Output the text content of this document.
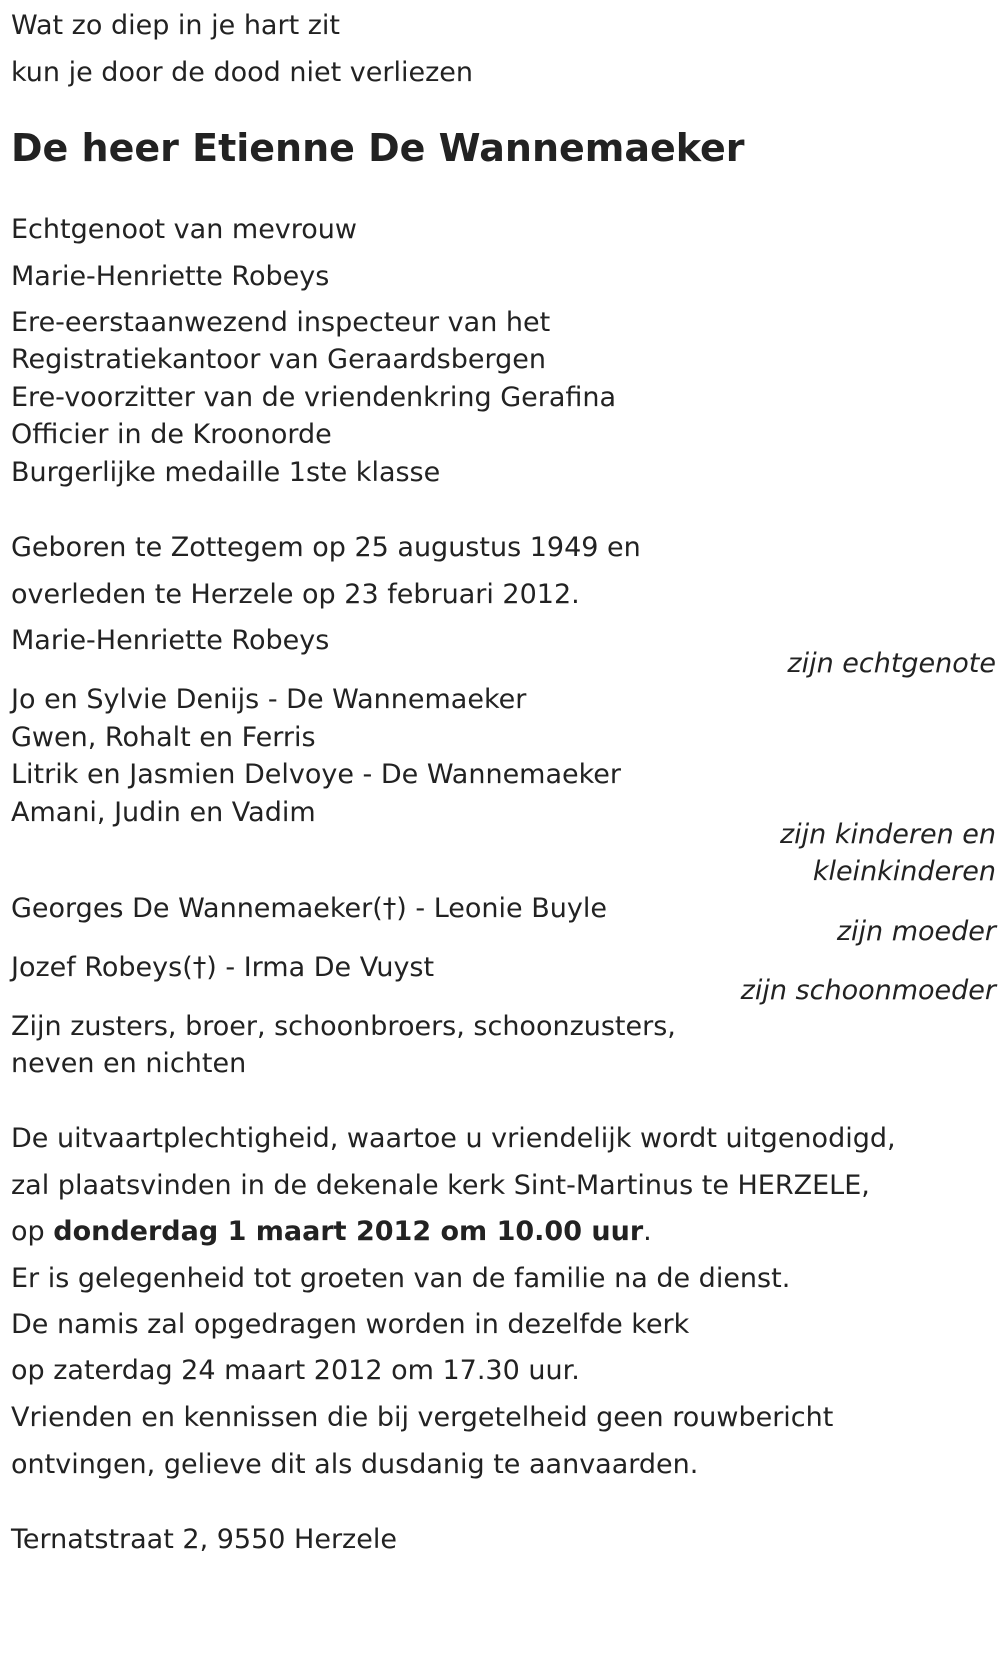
Wat zo diep in je hart zit
kun je door de dood niet verliezen
De heer Etienne De Wannemaeker
Echtgenoot van mevrouw
Marie-Henriette Robeys
Ere-eerstaanwezend inspecteur van het
Registratiekantoor van Geraardsbergen
Ere-voorzitter van de vriendenkring Gerafina
Officier in de Kroonorde
Burgerlijke medaille 1ste klasse
Geboren te Zottegem op 25 augustus 1949 en
overleden te Herzele op 23 februari 2012.
Marie-Henriette Robeys
zijn echtgenote
Jo en Sylvie Denijs - De Wannemaeker
Gwen, Rohalt en Ferris
Litrik en Jasmien Delvoye - De Wannemaeker
Amani, Judin en Vadim
zijn kinderen en
kleinkinderen
Georges De Wannemaeker(†) - Leonie Buyle
zijn moeder
Jozef Robeys(†) - Irma De Vuyst
zijn schoonmoeder
Zijn zusters, broer, schoonbroers, schoonzusters,
neven en nichten
De uitvaartplechtigheid, waartoe u vriendelijk wordt uitgenodigd,
zal plaatsvinden in de dekenale kerk Sint-Martinus te HERZELE,
op donderdag 1 maart 2012 om 10.00 uur.
Er is gelegenheid tot groeten van de familie na de dienst.
De namis zal opgedragen worden in dezelfde kerk
op zaterdag 24 maart 2012 om 17.30 uur.
Vrienden en kennissen die bij vergetelheid geen rouwbericht
ontvingen, gelieve dit als dusdanig te aanvaarden.
Ternatstraat 2, 9550 Herzele
